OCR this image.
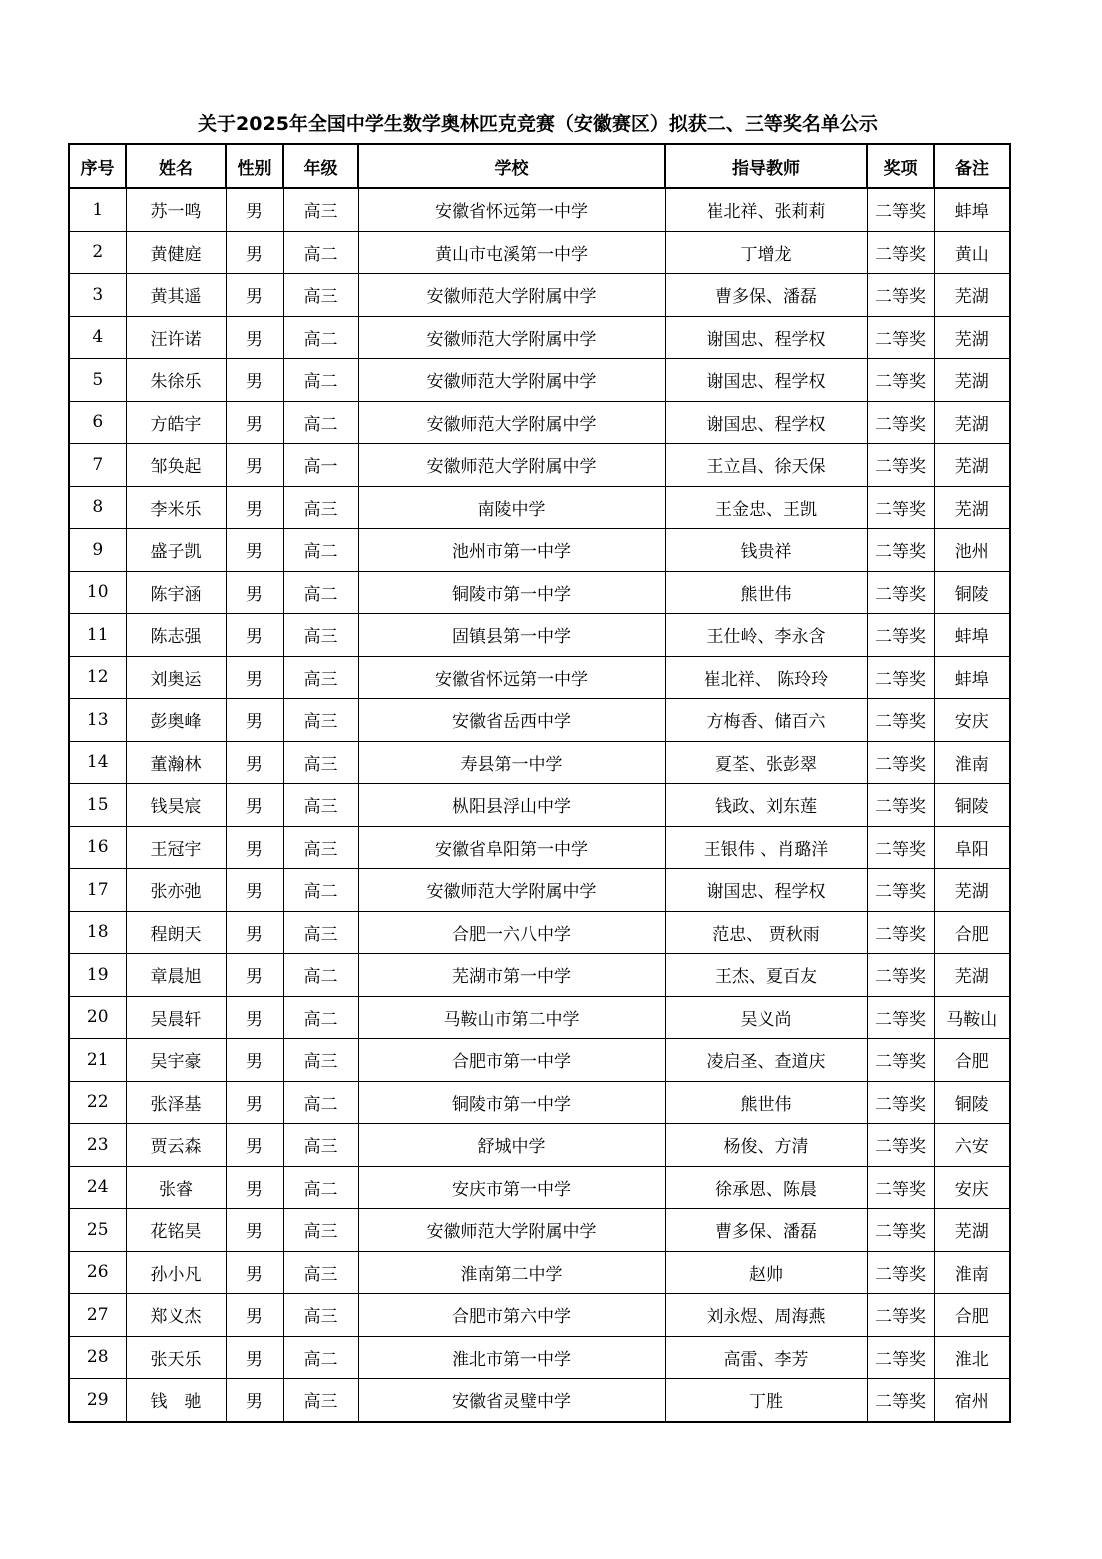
关于2025年全国中学生数学奥林匹克竞赛（安徽赛区）拟获二、三等奖名单公示
序号	姓名	性别	年级	学校	指导教师	奖项	备注
1	苏一鸣	男	高三	安徽省怀远第一中学	崔北祥、张莉莉	二等奖	蚌埠
2	黄健庭	男	高二	黄山市屯溪第一中学	丁增龙	二等奖	黄山
3	黄其遥	男	高三	安徽师范大学附属中学	曹多保、潘磊	二等奖	芜湖
4	汪许诺	男	高二	安徽师范大学附属中学	谢国忠、程学权	二等奖	芜湖
5	朱徐乐	男	高二	安徽师范大学附属中学	谢国忠、程学权	二等奖	芜湖
6	方皓宇	男	高二	安徽师范大学附属中学	谢国忠、程学权	二等奖	芜湖
7	邹奂起	男	高一	安徽师范大学附属中学	王立昌、徐天保	二等奖	芜湖
8	李米乐	男	高三	南陵中学	王金忠、王凯	二等奖	芜湖
9	盛子凯	男	高二	池州市第一中学	钱贵祥	二等奖	池州
10	陈宇涵	男	高二	铜陵市第一中学	熊世伟	二等奖	铜陵
11	陈志强	男	高三	固镇县第一中学	王仕岭、李永含	二等奖	蚌埠
12	刘奥运	男	高三	安徽省怀远第一中学	崔北祥、 陈玲玲	二等奖	蚌埠
13	彭奥峰	男	高三	安徽省岳西中学	方梅香、储百六	二等奖	安庆
14	董瀚林	男	高三	寿县第一中学	夏荃、张彭翠	二等奖	淮南
15	钱昊宸	男	高三	枞阳县浮山中学	钱政、刘东莲	二等奖	铜陵
16	王冠宇	男	高三	安徽省阜阳第一中学	王银伟 、肖璐洋	二等奖	阜阳
17	张亦弛	男	高二	安徽师范大学附属中学	谢国忠、程学权	二等奖	芜湖
18	程朗天	男	高三	合肥一六八中学	范忠、 贾秋雨	二等奖	合肥
19	章晨旭	男	高二	芜湖市第一中学	王杰、夏百友	二等奖	芜湖
20	吴晨轩	男	高二	马鞍山市第二中学	吴义尚	二等奖	马鞍山
21	吴宇豪	男	高三	合肥市第一中学	凌启圣、查道庆	二等奖	合肥
22	张泽基	男	高二	铜陵市第一中学	熊世伟	二等奖	铜陵
23	贾云森	男	高三	舒城中学	杨俊、方清	二等奖	六安
24	张睿	男	高二	安庆市第一中学	徐承恩、陈晨	二等奖	安庆
25	花铭昊	男	高三	安徽师范大学附属中学	曹多保、潘磊	二等奖	芜湖
26	孙小凡	男	高三	淮南第二中学	赵帅	二等奖	淮南
27	郑义杰	男	高三	合肥市第六中学	刘永煜、周海燕	二等奖	合肥
28	张天乐	男	高二	淮北市第一中学	高雷、李芳	二等奖	淮北
29	钱　驰	男	高三	安徽省灵璧中学	丁胜	二等奖	宿州
